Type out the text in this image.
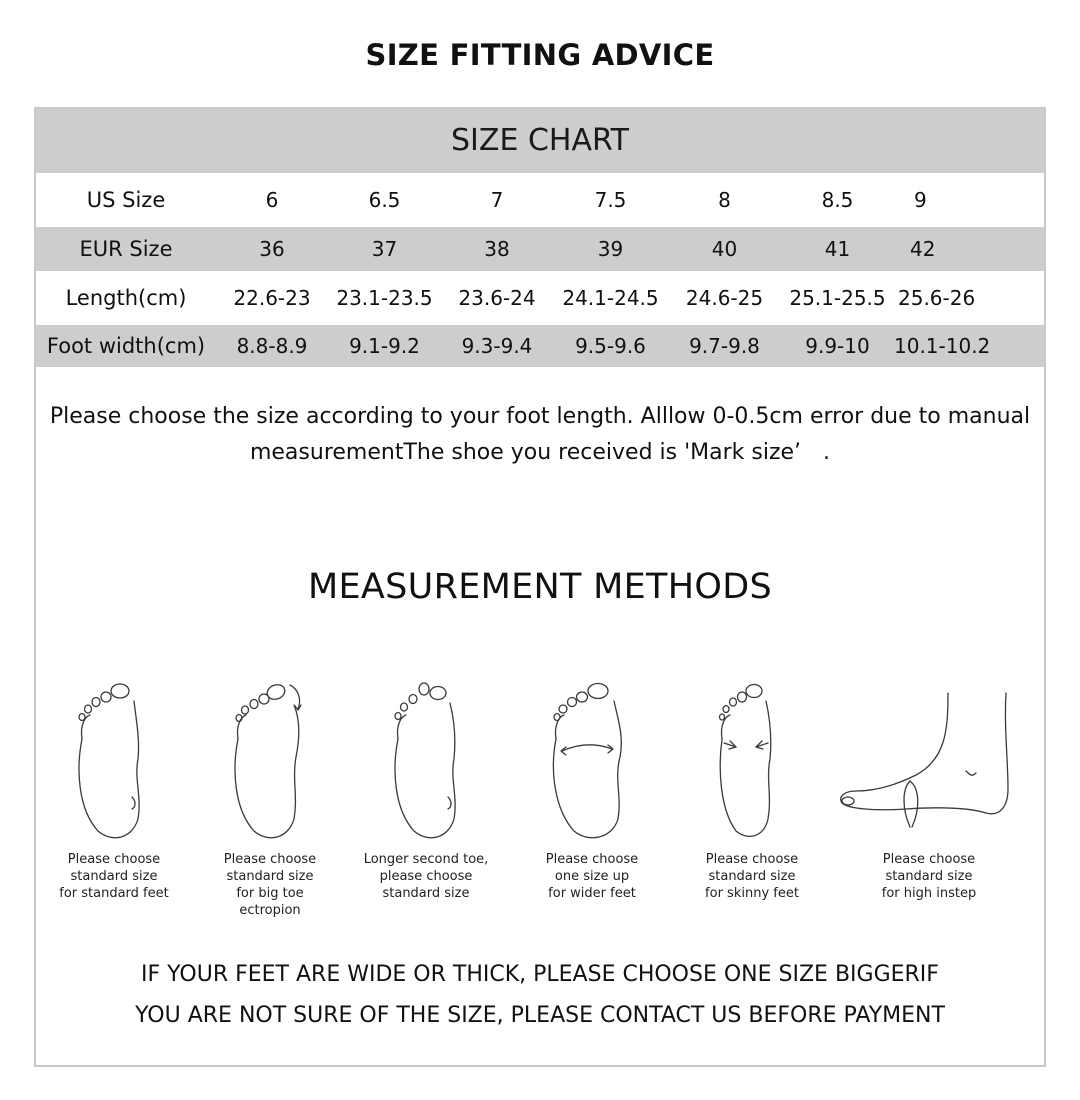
SIZE FITTING ADVICE
SIZE CHART
US Size	6	6.5	7	7.5	8	8.5	9
EUR Size	36	37	38	39	40	41	42
Length(cm)	22.6-23	23.1-23.5	23.6-24	24.1-24.5	24.6-25	25.1-25.5	25.6-26
Foot width(cm)	8.8-8.9	9.1-9.2	9.3-9.4	9.5-9.6	9.7-9.8	9.9-10	10.1-10.2
Please choose the size according to your foot length. Alllow 0-0.5cm error due to manual
measurementThe shoe you received is 'Mark size’　.
MEASUREMENT METHODS
Please choose
standard size
for standard feet
Please choose
standard size
for big toe
ectropion
Longer second toe,
please choose
standard size
Please choose
one size up
for wider feet
Please choose
standard size
for skinny feet
Please choose
standard size
for high instep
IF YOUR FEET ARE WIDE OR THICK, PLEASE CHOOSE ONE SIZE BIGGERIF
YOU ARE NOT SURE OF THE SIZE, PLEASE CONTACT US BEFORE PAYMENT
